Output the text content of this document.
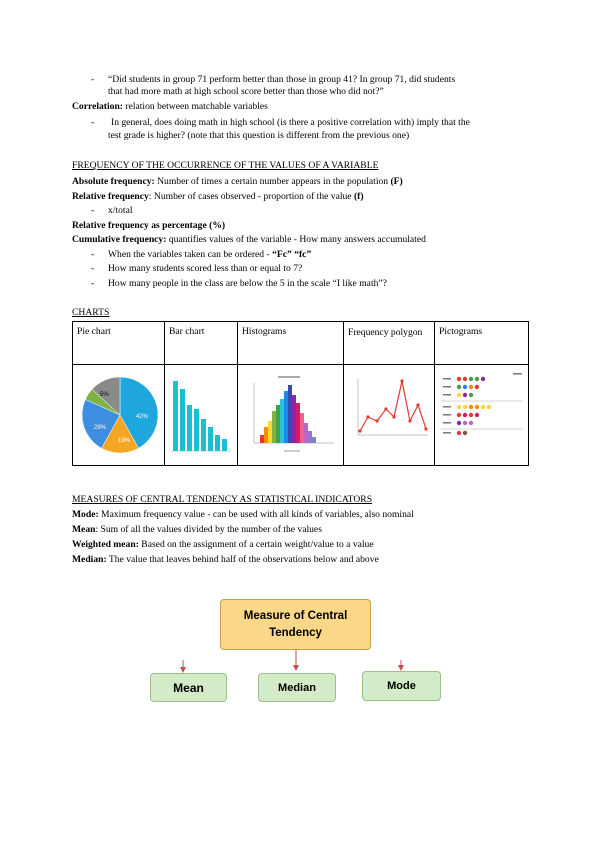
- “Did students in group 71 perform better than those in group 41? In group 71, did students
that had more math at high school score better than those who did not?”
Correlation: relation between matchable variables
- In general, does doing math in high school (is there a positive correlation with) imply that the
test grade is higher? (note that this question is different from the previous one)
FREQUENCY OF THE OCCURRENCE OF THE VALUES OF A VARIABLE
Absolute frequency: Number of times a certain number appears in the population (F)
Relative frequency: Number of cases observed - proportion of the value (f)
- x/total
Relative frequency as percentage (%)
Cumulative frequency: quantifies values of the variable - How many answers accumulated
- When the variables taken can be ordered - “Fc” “fc”
- How many students scored less than or equal to 7?
- How many people in the class are below the 5 in the scale “I like math”?
CHARTS
Pie chart	Bar chart	Histograms	Frequency polygon	Pictograms

42%
19%
29%
5%

MEASURES OF CENTRAL TENDENCY AS STATISTICAL INDICATORS
Mode: Maximum frequency value - can be used with all kinds of variables, also nominal
Mean: Sum of all the values divided by the number of the values
Weighted mean: Based on the assignment of a certain weight/value to a value
Median: The value that leaves behind half of the observations below and above
Measure of Central
Tendency
Mean	Median	Mode
